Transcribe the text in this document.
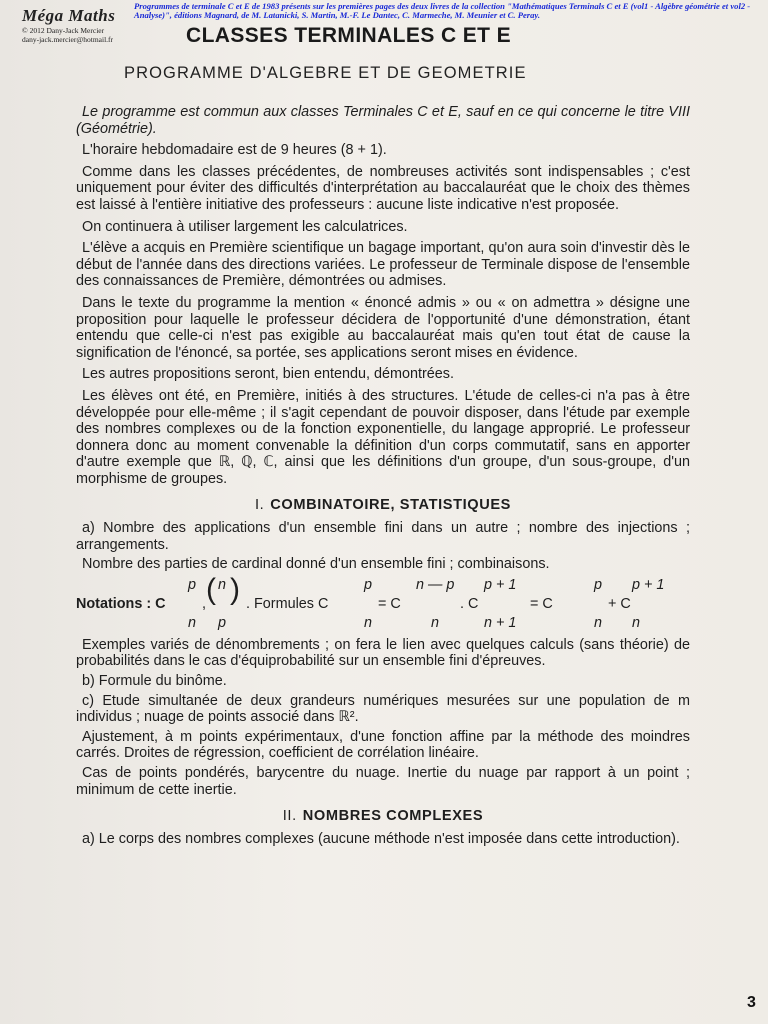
Méga Maths
© 2012 Dany-Jack Mercier
dany-jack.mercier@hotmail.fr
Programmes de terminale C et E de 1983 présents sur les premières pages des deux livres de la collection "Mathématiques Terminals C et E (vol1 - Algèbre géométrie et vol2 - Analyse)", éditions Magnard, de M. Latanicki, S. Martin, M.-F. Le Dantec, C. Marmeche, M. Meunier et C. Peray.
CLASSES TERMINALES C ET E
PROGRAMME D'ALGEBRE ET DE GEOMETRIE

Le programme est commun aux classes Terminales C et E, sauf en ce qui concerne le titre VIII (Géométrie).

L'horaire hebdomadaire est de 9 heures (8 + 1).

Comme dans les classes précédentes, de nombreuses activités sont indispensables ; c'est uniquement pour éviter des difficultés d'interprétation au baccalauréat que le choix des thèmes est laissé à l'entière initiative des professeurs : aucune liste indicative n'est proposée.

On continuera à utiliser largement les calculatrices.

L'élève a acquis en Première scientifique un bagage important, qu'on aura soin d'investir dès le début de l'année dans des directions variées. Le professeur de Terminale dispose de l'ensemble des connaissances de Première, démontrées ou admises.

Dans le texte du programme la mention « énoncé admis » ou « on admettra » désigne une proposition pour laquelle le professeur décidera de l'opportunité d'une démonstration, étant entendu que celle-ci n'est pas exigible au baccalauréat mais qu'en tout état de cause la signification de l'énoncé, sa portée, ses applications seront mises en évidence.

Les autres propositions seront, bien entendu, démontrées.

Les élèves ont été, en Première, initiés à des structures. L'étude de celles-ci n'a pas à être développée pour elle-même ; il s'agit cependant de pouvoir disposer, dans l'étude par exemple des nombres complexes ou de la fonction exponentielle, du langage approprié. Le professeur donnera donc au moment convenable la définition d'un corps commutatif, sans en apporter d'autre exemple que ℝ, ℚ, ℂ, ainsi que les définitions d'un groupe, d'un sous-groupe, d'un morphisme de groupes.

I. COMBINATOIRE, STATISTIQUES

a) Nombre des applications d'un ensemble fini dans un autre ; nombre des injections ; arrangements.

Nombre des parties de cardinal donné d'un ensemble fini ; combinaisons.

Notations : C
p
n
, ( n
p
) . Formules C
p
n
= C
n — p
n
. C
p + 1
n + 1
= C
p
n
+ C
p + 1
n

Exemples variés de dénombrements ; on fera le lien avec quelques calculs (sans théorie) de probabilités dans le cas d'équiprobabilité sur un ensemble fini d'épreuves.

b) Formule du binôme.

c) Etude simultanée de deux grandeurs numériques mesurées sur une population de m individus ; nuage de points associé dans ℝ².

Ajustement, à m points expérimentaux, d'une fonction affine par la méthode des moindres carrés. Droites de régression, coefficient de corrélation linéaire.

Cas de points pondérés, barycentre du nuage. Inertie du nuage par rapport à un point ; minimum de cette inertie.

II. NOMBRES COMPLEXES

a) Le corps des nombres complexes (aucune méthode n'est imposée dans cette introduction).

3
